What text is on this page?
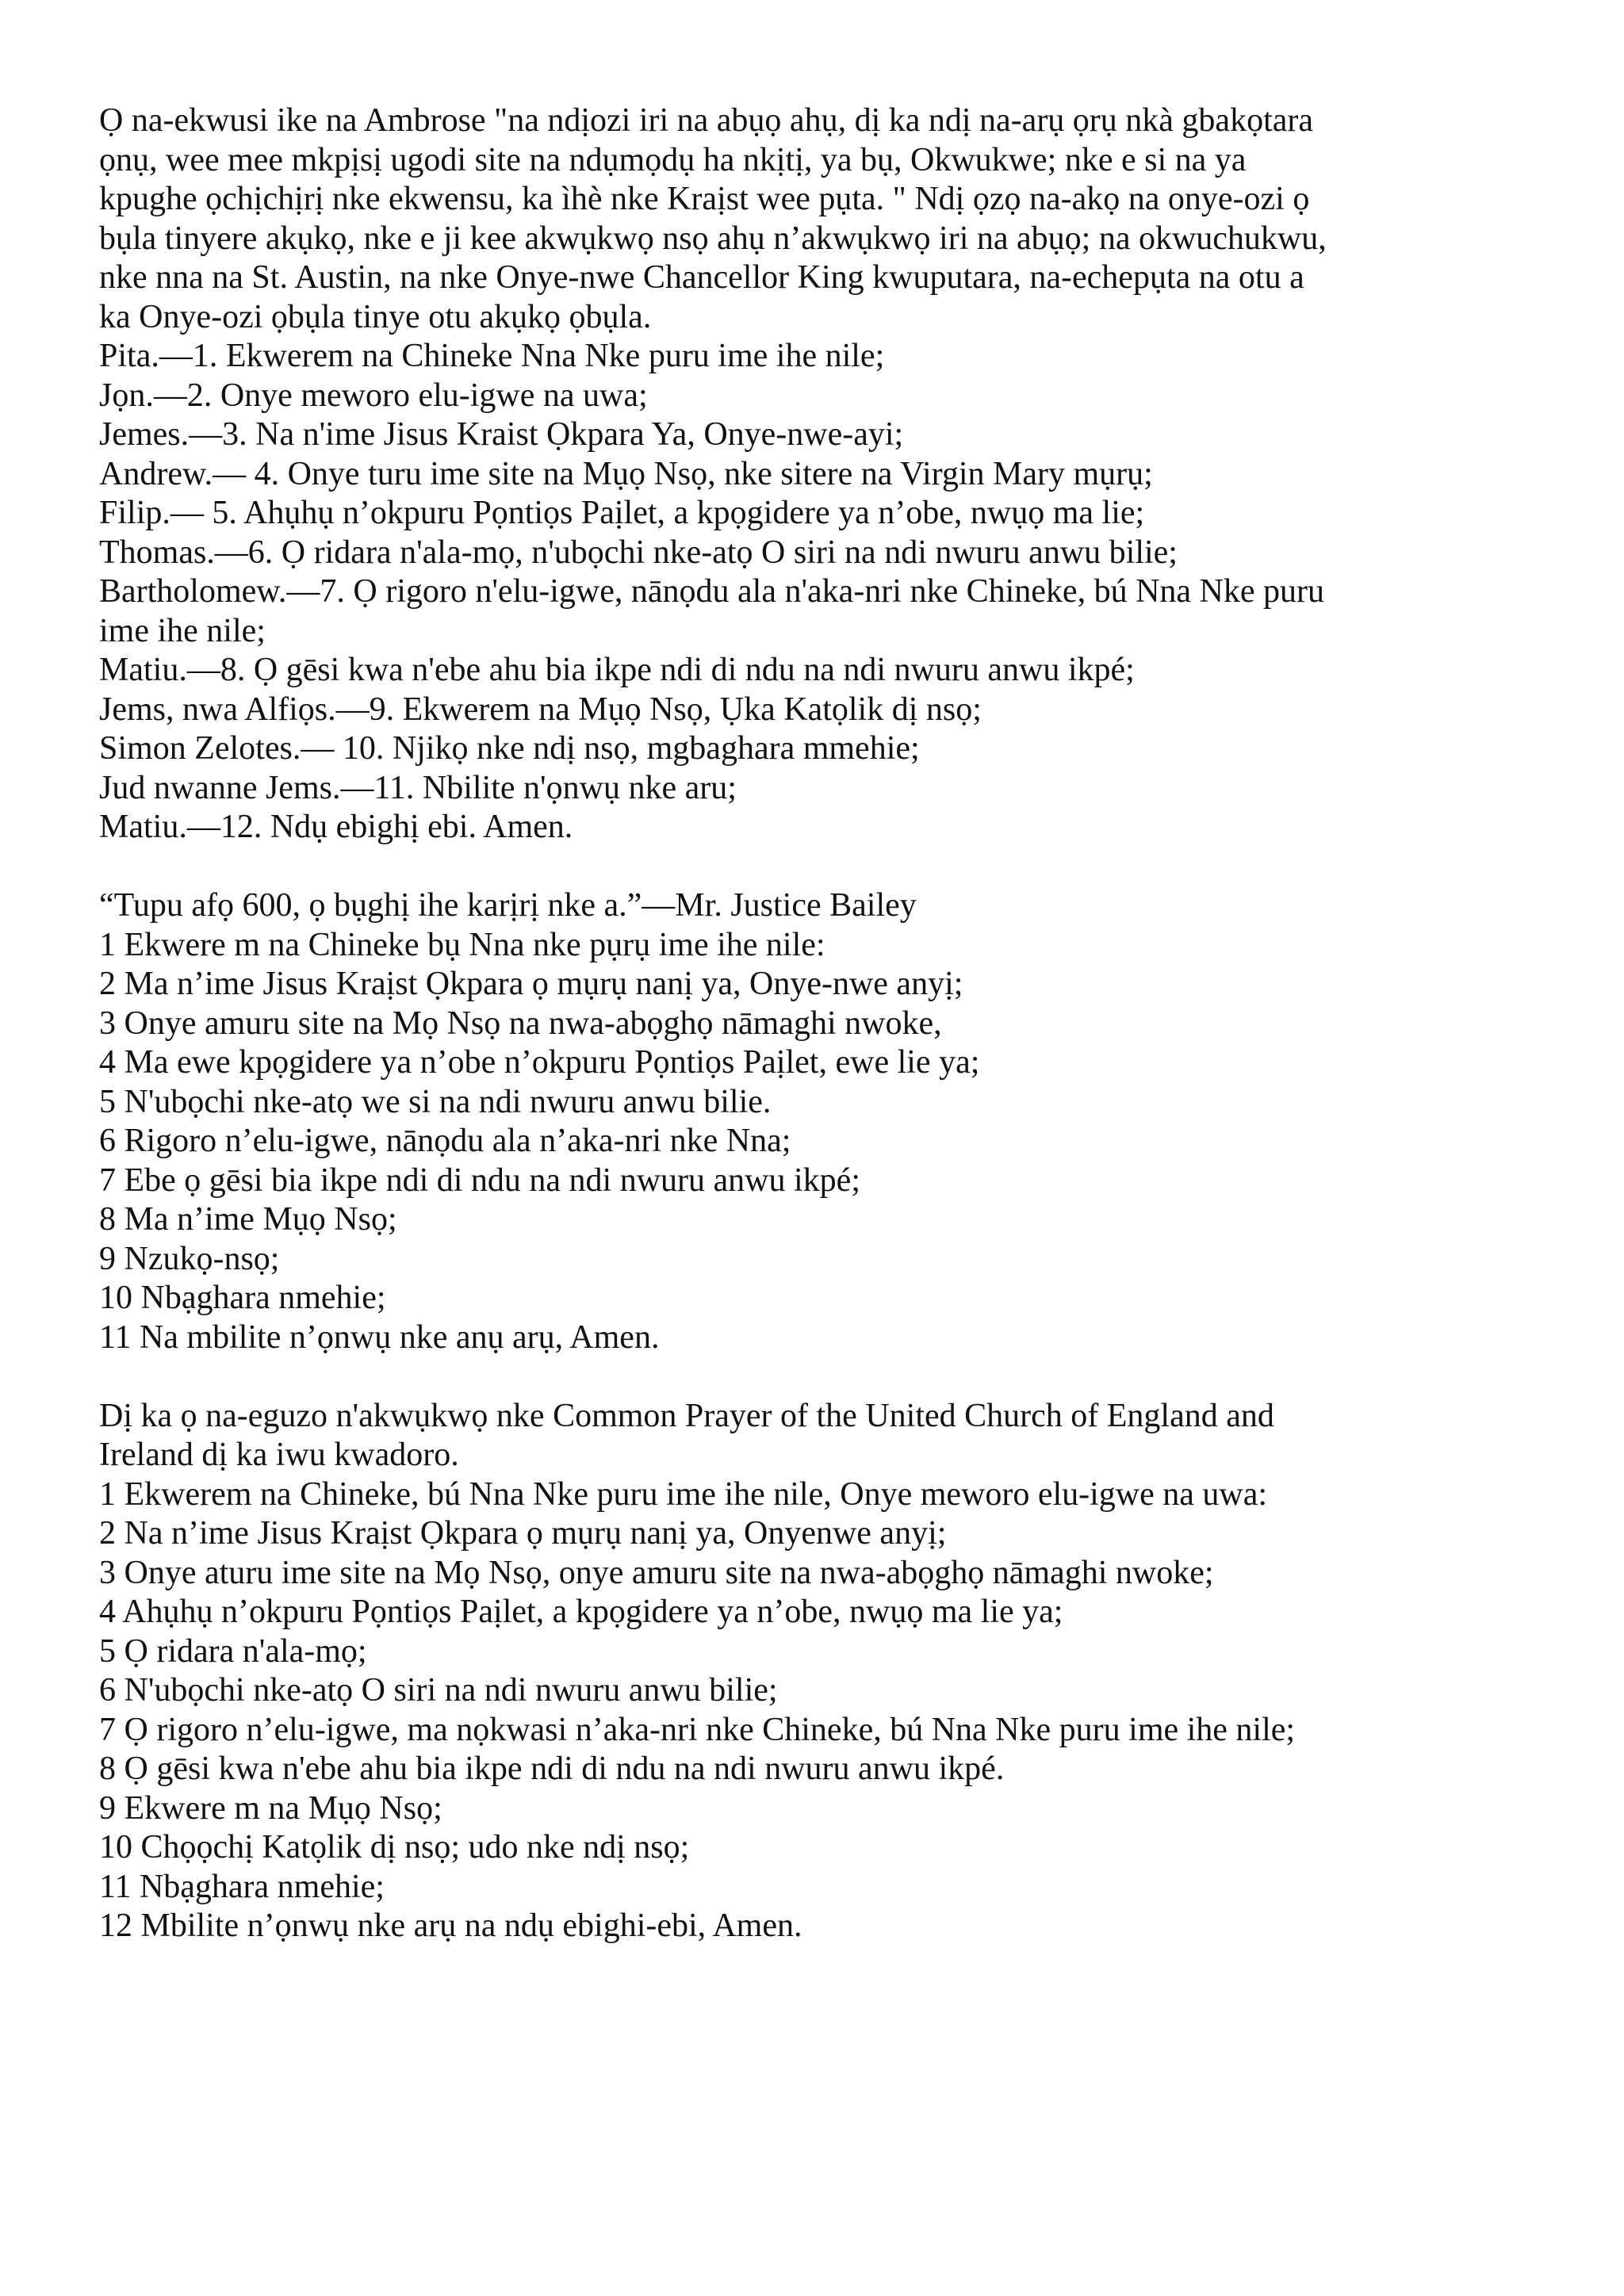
Ọ na-ekwusi ike na Ambrose "na ndịozi iri na abụọ ahụ, dị ka ndị na-arụ ọrụ nkà gbakọtara

ọnụ, wee mee mkpịsị ugodi site na ndụmọdụ ha nkịtị, ya bụ, Okwukwe; nke e si na ya

kpughe ọchịchịrị nke ekwensu, ka ìhè nke Kraịst wee pụta. " Ndị ọzọ na-akọ na onye-ozi ọ

bụla tinyere akụkọ, nke e ji kee akwụkwọ nsọ ahụ n’akwụkwọ iri na abụọ; na okwuchukwu,

nke nna na St. Austin, na nke Onye-nwe Chancellor King kwuputara, na-echepụta na otu a

ka Onye-ozi ọbụla tinye otu akụkọ ọbụla.

Pita.—1. Ekwerem na Chineke Nna Nke puru ime ihe nile;

Jọn.—2. Onye meworo elu-igwe na uwa;

Jemes.—3. Na n'ime Jisus Kraist Ọkpara Ya, Onye-nwe-ayi;

Andrew.— 4. Onye turu ime site na Mụọ Nsọ, nke sitere na Virgin Mary mụrụ;

Filip.— 5. Ahụhụ n’okpuru Pọntiọs Paịlet, a kpọgidere ya n’obe, nwụọ ma lie;

Thomas.—6. Ọ ridara n'ala-mọ, n'ubọchi nke-atọ O siri na ndi nwuru anwu bilie;

Bartholomew.—7. Ọ rigoro n'elu-igwe, nānọdu ala n'aka-nri nke Chineke, bú Nna Nke puru

ime ihe nile;

Matiu.—8. Ọ gēsi kwa n'ebe ahu bia ikpe ndi di ndu na ndi nwuru anwu ikpé;

Jems, nwa Alfiọs.—9. Ekwerem na Mụọ Nsọ, Ụka Katọlik dị nsọ;

Simon Zelotes.— 10. Njikọ nke ndị nsọ, mgbaghara mmehie;

Jud nwanne Jems.—11. Nbilite n'ọnwụ nke aru;

Matiu.—12. Ndụ ebighị ebi. Amen.

“Tupu afọ 600, ọ bụghị ihe karịrị nke a.”—Mr. Justice Bailey

1 Ekwere m na Chineke bụ Nna nke pụrụ ime ihe nile:

2 Ma n’ime Jisus Kraịst Ọkpara ọ mụrụ nanị ya, Onye-nwe anyị;

3 Onye amuru site na Mọ Nsọ na nwa-abọghọ nāmaghi nwoke,

4 Ma ewe kpọgidere ya n’obe n’okpuru Pọntiọs Paịlet, ewe lie ya;

5 N'ubọchi nke-atọ we si na ndi nwuru anwu bilie.

6 Rigoro n’elu-igwe, nānọdu ala n’aka-nri nke Nna;

7 Ebe ọ gēsi bia ikpe ndi di ndu na ndi nwuru anwu ikpé;

8 Ma n’ime Mụọ Nsọ;

9 Nzukọ-nsọ;

10 Nbạghara nmehie;

11 Na mbilite n’ọnwụ nke anụ arụ, Amen.

Dị ka ọ na-eguzo n'akwụkwọ nke Common Prayer of the United Church of England and

Ireland dị ka iwu kwadoro.

1 Ekwerem na Chineke, bú Nna Nke puru ime ihe nile, Onye meworo elu-igwe na uwa:

2 Na n’ime Jisus Kraịst Ọkpara ọ mụrụ nanị ya, Onyenwe anyị;

3 Onye aturu ime site na Mọ Nsọ, onye amuru site na nwa-abọghọ nāmaghi nwoke;

4 Ahụhụ n’okpuru Pọntiọs Paịlet, a kpọgidere ya n’obe, nwụọ ma lie ya;

5 Ọ ridara n'ala-mọ;

6 N'ubọchi nke-atọ O siri na ndi nwuru anwu bilie;

7 Ọ rigoro n’elu-igwe, ma nọkwasi n’aka-nri nke Chineke, bú Nna Nke puru ime ihe nile;

8 Ọ gēsi kwa n'ebe ahu bia ikpe ndi di ndu na ndi nwuru anwu ikpé.

9 Ekwere m na Mụọ Nsọ;

10 Chọọchị Katọlik dị nsọ; udo nke ndị nsọ;

11 Nbạghara nmehie;

12 Mbilite n’ọnwụ nke arụ na ndụ ebighi-ebi, Amen.
